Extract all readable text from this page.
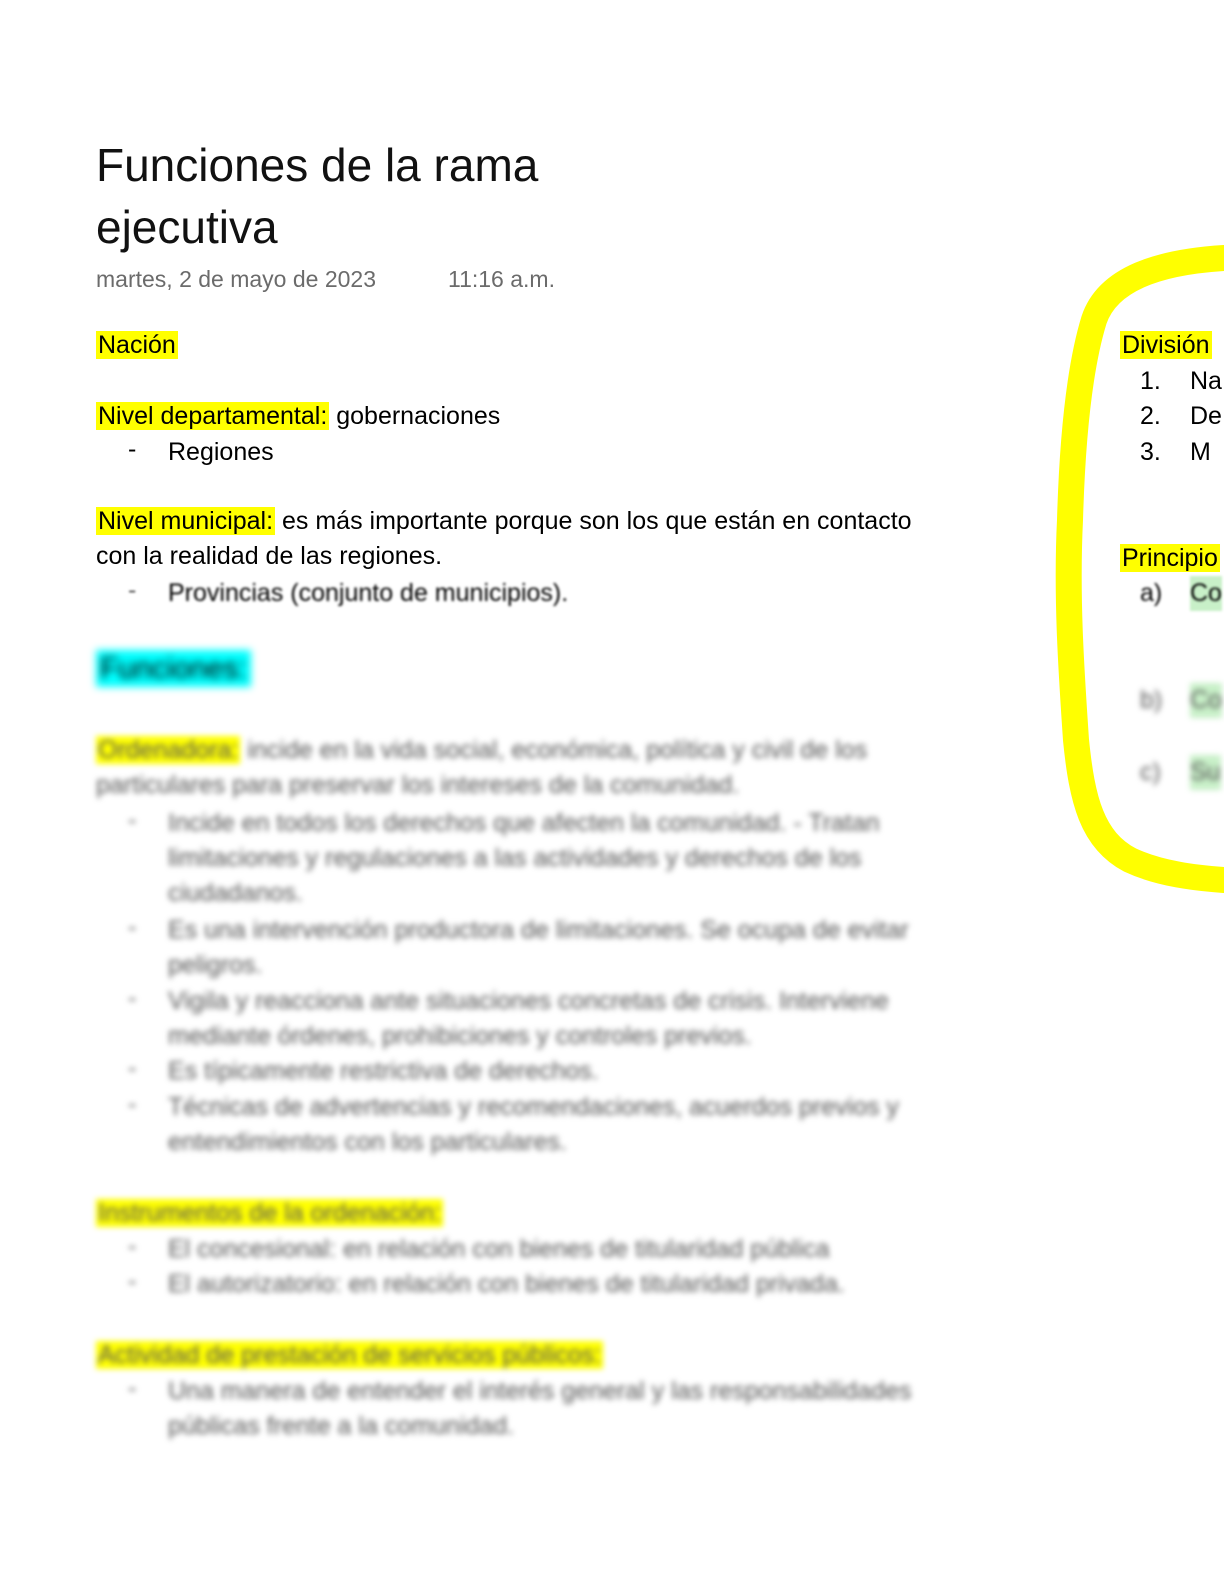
Funciones de la rama ejecutiva
martes, 2 de mayo de 2023	11:16 a.m.
Nación
Nivel departamental: gobernaciones
- Regiones
Nivel municipal: es más importante porque son los que están en contacto
con la realidad de las regiones.
- Provincias (conjunto de municipios).
Funciones:
Ordenadora: incide en la vida social, económica, política y civil de los
particulares para preservar los intereses de la comunidad.
- Incide en todos los derechos que afecten la comunidad. - Tratan limitaciones y regulaciones a las actividades y derechos de los ciudadanos.
- Es una intervención productora de limitaciones. Se ocupa de evitar peligros.
- Vigila y reacciona ante situaciones concretas de crisis. Interviene mediante órdenes, prohibiciones y controles previos.
- Es típicamente restrictiva de derechos.
- Técnicas de advertencias y recomendaciones, acuerdos previos y entendimientos con los particulares.
Instrumentos de la ordenación:
- El concesional: en relación con bienes de titularidad pública
- El autorizatorio: en relación con bienes de titularidad privada.
Actividad de prestación de servicios públicos:
- Una manera de entender el interés general y las responsabilidades públicas frente a la comunidad.
División
1. Na
2. De
3. M
Principio
a) Co
b) Co
c) Su
